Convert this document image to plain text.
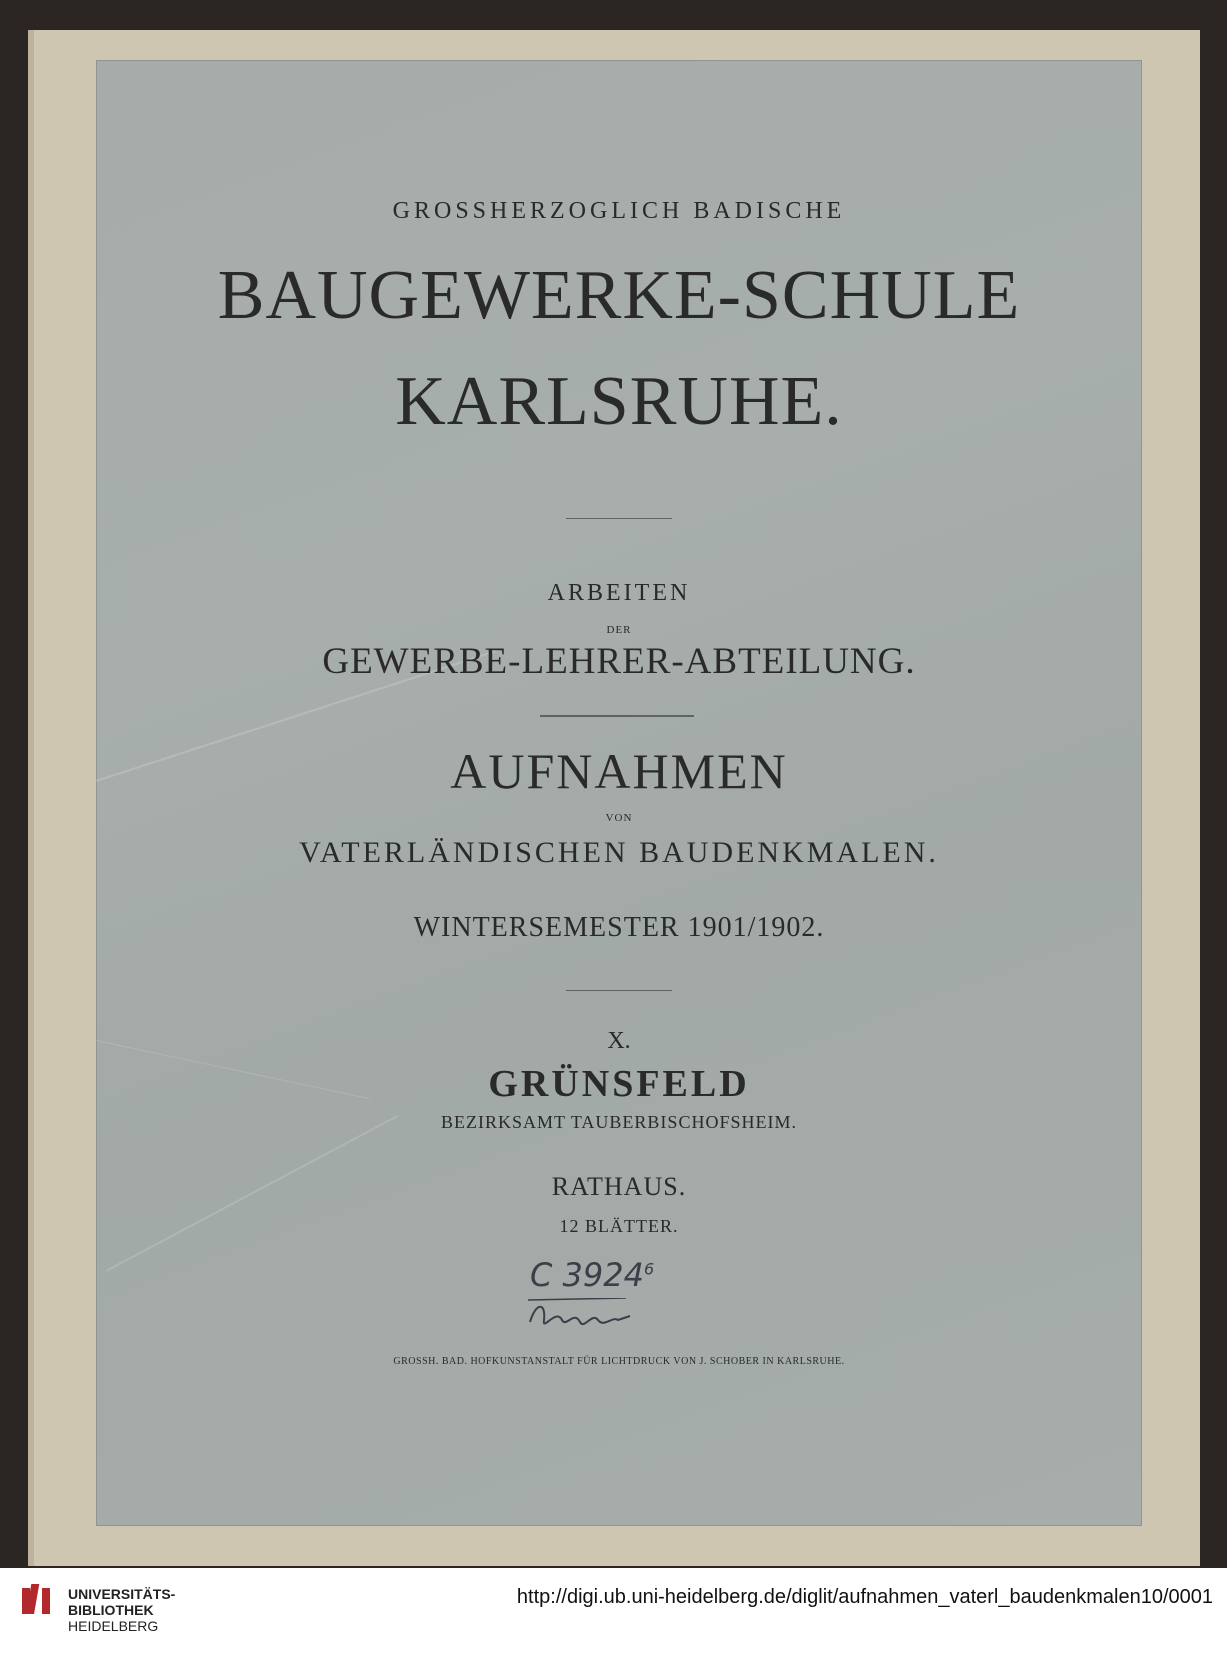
GROSSHERZOGLICH BADISCHE
BAUGEWERKE-SCHULE
KARLSRUHE.
ARBEITEN
DER
GEWERBE-LEHRER-ABTEILUNG.
AUFNAHMEN
VON
VATERLÄNDISCHEN BAUDENKMALEN.
WINTERSEMESTER 1901/1902.
X.
GRÜNSFELD
BEZIRKSAMT TAUBERBISCHOFSHEIM.
RATHAUS.
12 BLÄTTER.
C 3924$^6$
GROSSH. BAD. HOFKUNSTANSTALT FÜR LICHTDRUCK VON J. SCHOBER IN KARLSRUHE.
UNIVERSITÄTS-
BIBLIOTHEK
HEIDELBERG
http://digi.ub.uni-heidelberg.de/diglit/aufnahmen_vaterl_baudenkmalen10/0001
